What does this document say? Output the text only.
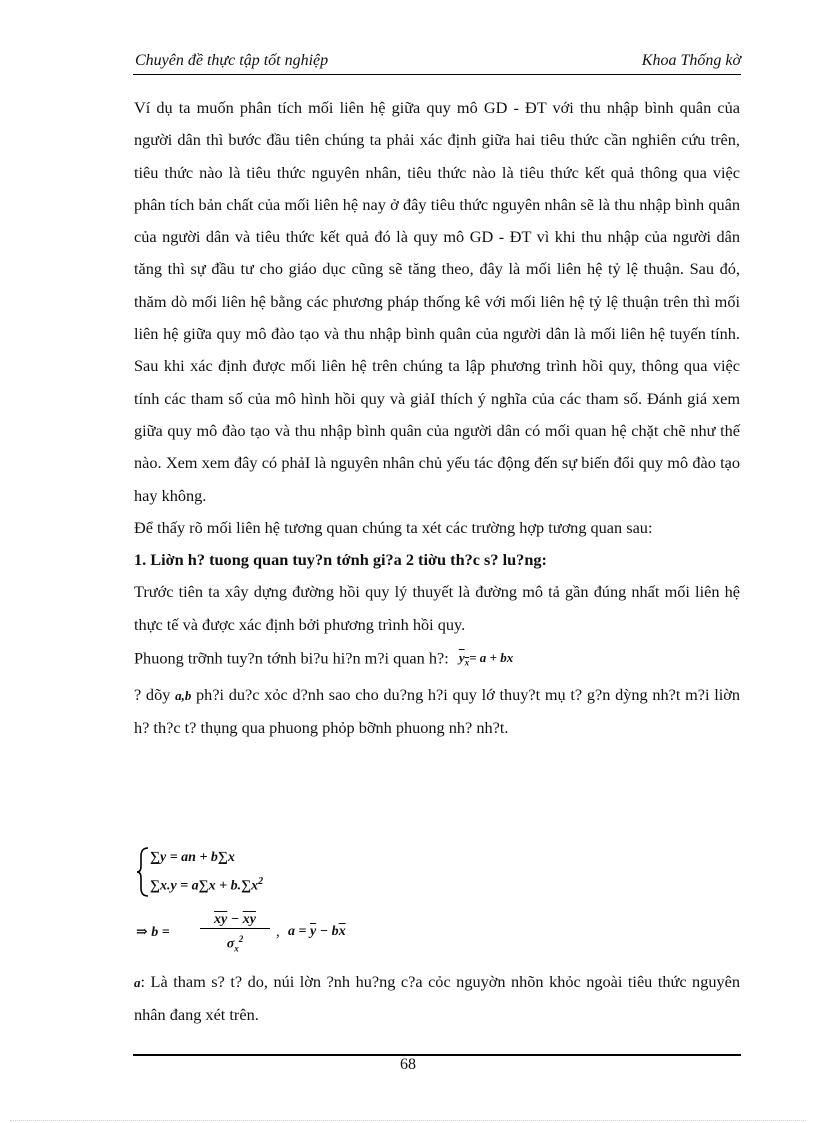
Chuyên đề thực tập tốt nghiệp	Khoa Thống kờ

Ví dụ ta muốn phân tích mối liên hệ giữa quy mô GD - ĐT với thu nhập bình quân của người dân thì bước đầu tiên chúng ta phải xác định giữa hai tiêu thức cần nghiên cứu trên, tiêu thức nào là tiêu thức nguyên nhân, tiêu thức nào là tiêu thức kết quả thông qua việc phân tích bản chất của mối liên hệ nay ở đây tiêu thức nguyên nhân sẽ là thu nhập bình quân của người dân và tiêu thức kết quả đó là quy mô GD - ĐT vì khi thu nhập của người dân tăng thì sự đầu tư cho giáo dục cũng sẽ tăng theo, đây là mối liên hệ tỷ lệ thuận. Sau đó, thăm dò mối liên hệ bằng các phương pháp thống kê với mối liên hệ tỷ lệ thuận trên thì mối liên hệ giữa quy mô đào tạo và thu nhập bình quân của người dân là mối liên hệ tuyến tính. Sau khi xác định được mối liên hệ trên chúng ta lập phương trình hồi quy, thông qua việc tính các tham số của mô hình hồi quy và giảI thích ý nghĩa của các tham số. Đánh giá xem giữa quy mô đào tạo và thu nhập bình quân của người dân có mối quan hệ chặt chẽ như thế nào. Xem xem đây có phảI là nguyên nhân chủ yếu tác động đến sự biến đổi quy mô đào tạo hay không.

Để thấy rõ mối liên hệ tương quan chúng ta xét các trường hợp tương quan sau:

1. Liờn h? tuong quan tuy?n tớnh gi?a 2 tiờu th?c s? lu?ng:

Trước tiên ta xây dựng đường hồi quy lý thuyết là đường mô tả gần đúng nhất mối liên hệ thực tế và được xác định bởi phương trình hồi quy.

Phuong trỡnh tuy?n tớnh bi?u hi?n m?i quan h?: $y_x= a$ + bx

? dõy a,b ph?i du?c xỏc d?nh sao cho du?ng h?i quy lớ thuy?t mụ t? g?n dỳng nh?t m?i liờn h? th?c t? thụng qua phuong phỏp bỡnh phuong nh? nh?t.

∑y = an + b∑x
$\sum x.y = a\sum x + b.\sum x^2$
⇒ $b = \frac{\overline{xy} - \overline{x}\overline{y}}{\sigma_x^2}$ , $a = \overline{y} - b\overline{x}$

a: Là tham s? t? do, núi lờn ?nh hu?ng c?a cỏc nguyờn nhõn khỏc ngoài tiêu thức nguyên nhân đang xét trên.

68
